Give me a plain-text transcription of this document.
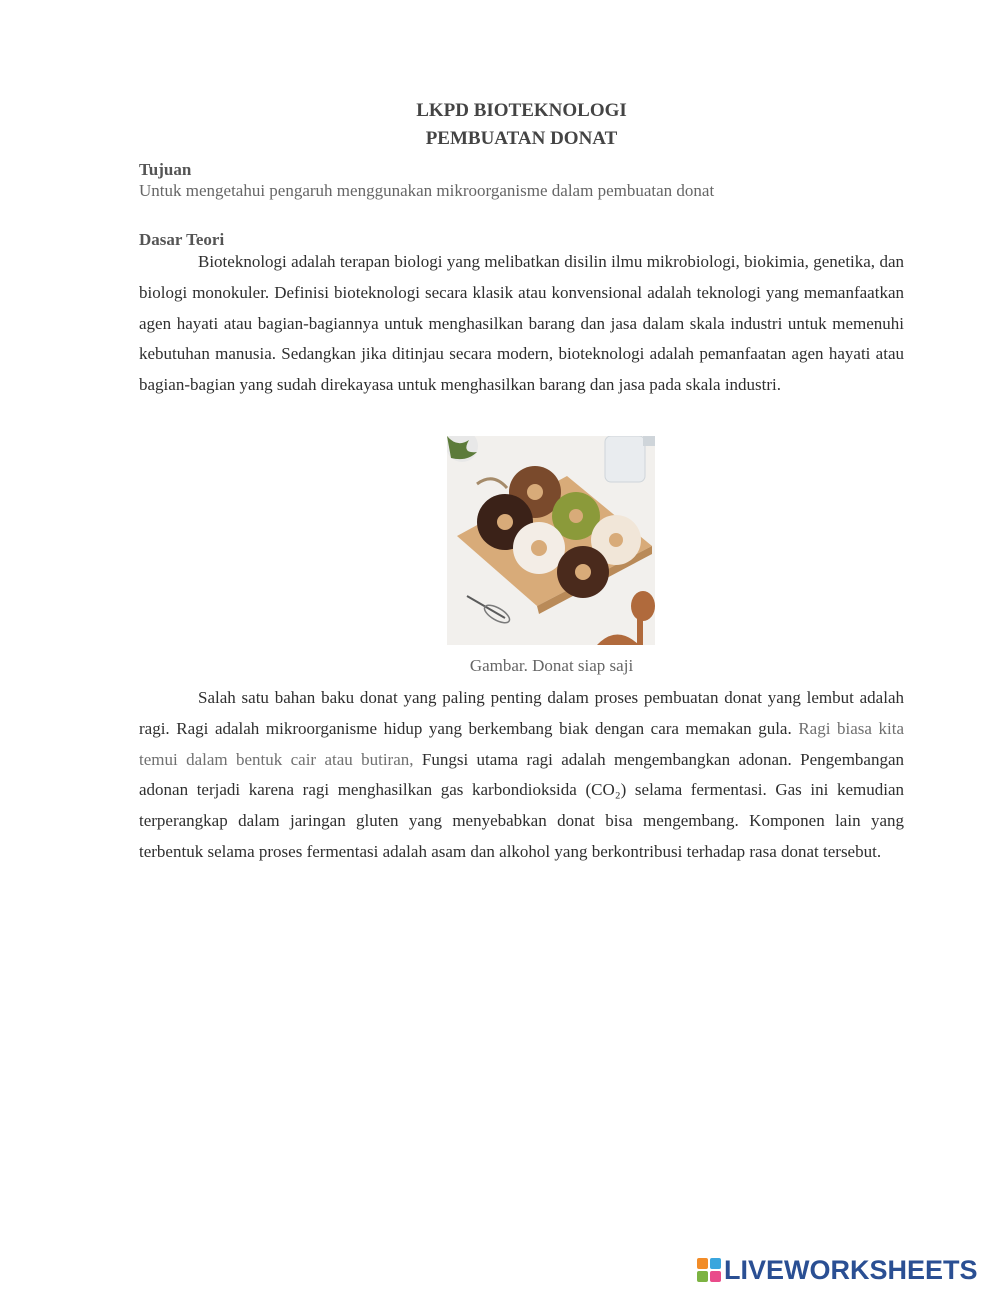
LKPD BIOTEKNOLOGI
PEMBUATAN DONAT
Tujuan
Untuk mengetahui pengaruh menggunakan mikroorganisme dalam pembuatan donat
Dasar Teori

Bioteknologi adalah terapan biologi yang melibatkan disilin ilmu mikrobiologi, biokimia, genetika, dan biologi monokuler. Definisi bioteknologi secara klasik atau konvensional adalah teknologi yang memanfaatkan agen hayati atau bagian-bagiannya untuk menghasilkan barang dan jasa dalam skala industri untuk memenuhi kebutuhan manusia. Sedangkan jika ditinjau secara modern, bioteknologi adalah pemanfaatan agen hayati atau bagian-bagian yang sudah direkayasa untuk menghasilkan barang dan jasa pada skala industri.

Gambar. Donat siap saji

Salah satu bahan baku donat yang paling penting dalam proses pembuatan donat yang lembut adalah ragi. Ragi adalah mikroorganisme hidup yang berkembang biak dengan cara memakan gula. Ragi biasa kita temui dalam bentuk cair atau butiran, Fungsi utama ragi adalah mengembangkan adonan. Pengembangan adonan terjadi karena ragi menghasilkan gas karbondioksida (CO₂) selama fermentasi. Gas ini kemudian terperangkap dalam jaringan gluten yang menyebabkan donat bisa mengembang. Komponen lain yang terbentuk selama proses fermentasi adalah asam dan alkohol yang berkontribusi terhadap rasa donat tersebut.

LIVEWORKSHEETS
